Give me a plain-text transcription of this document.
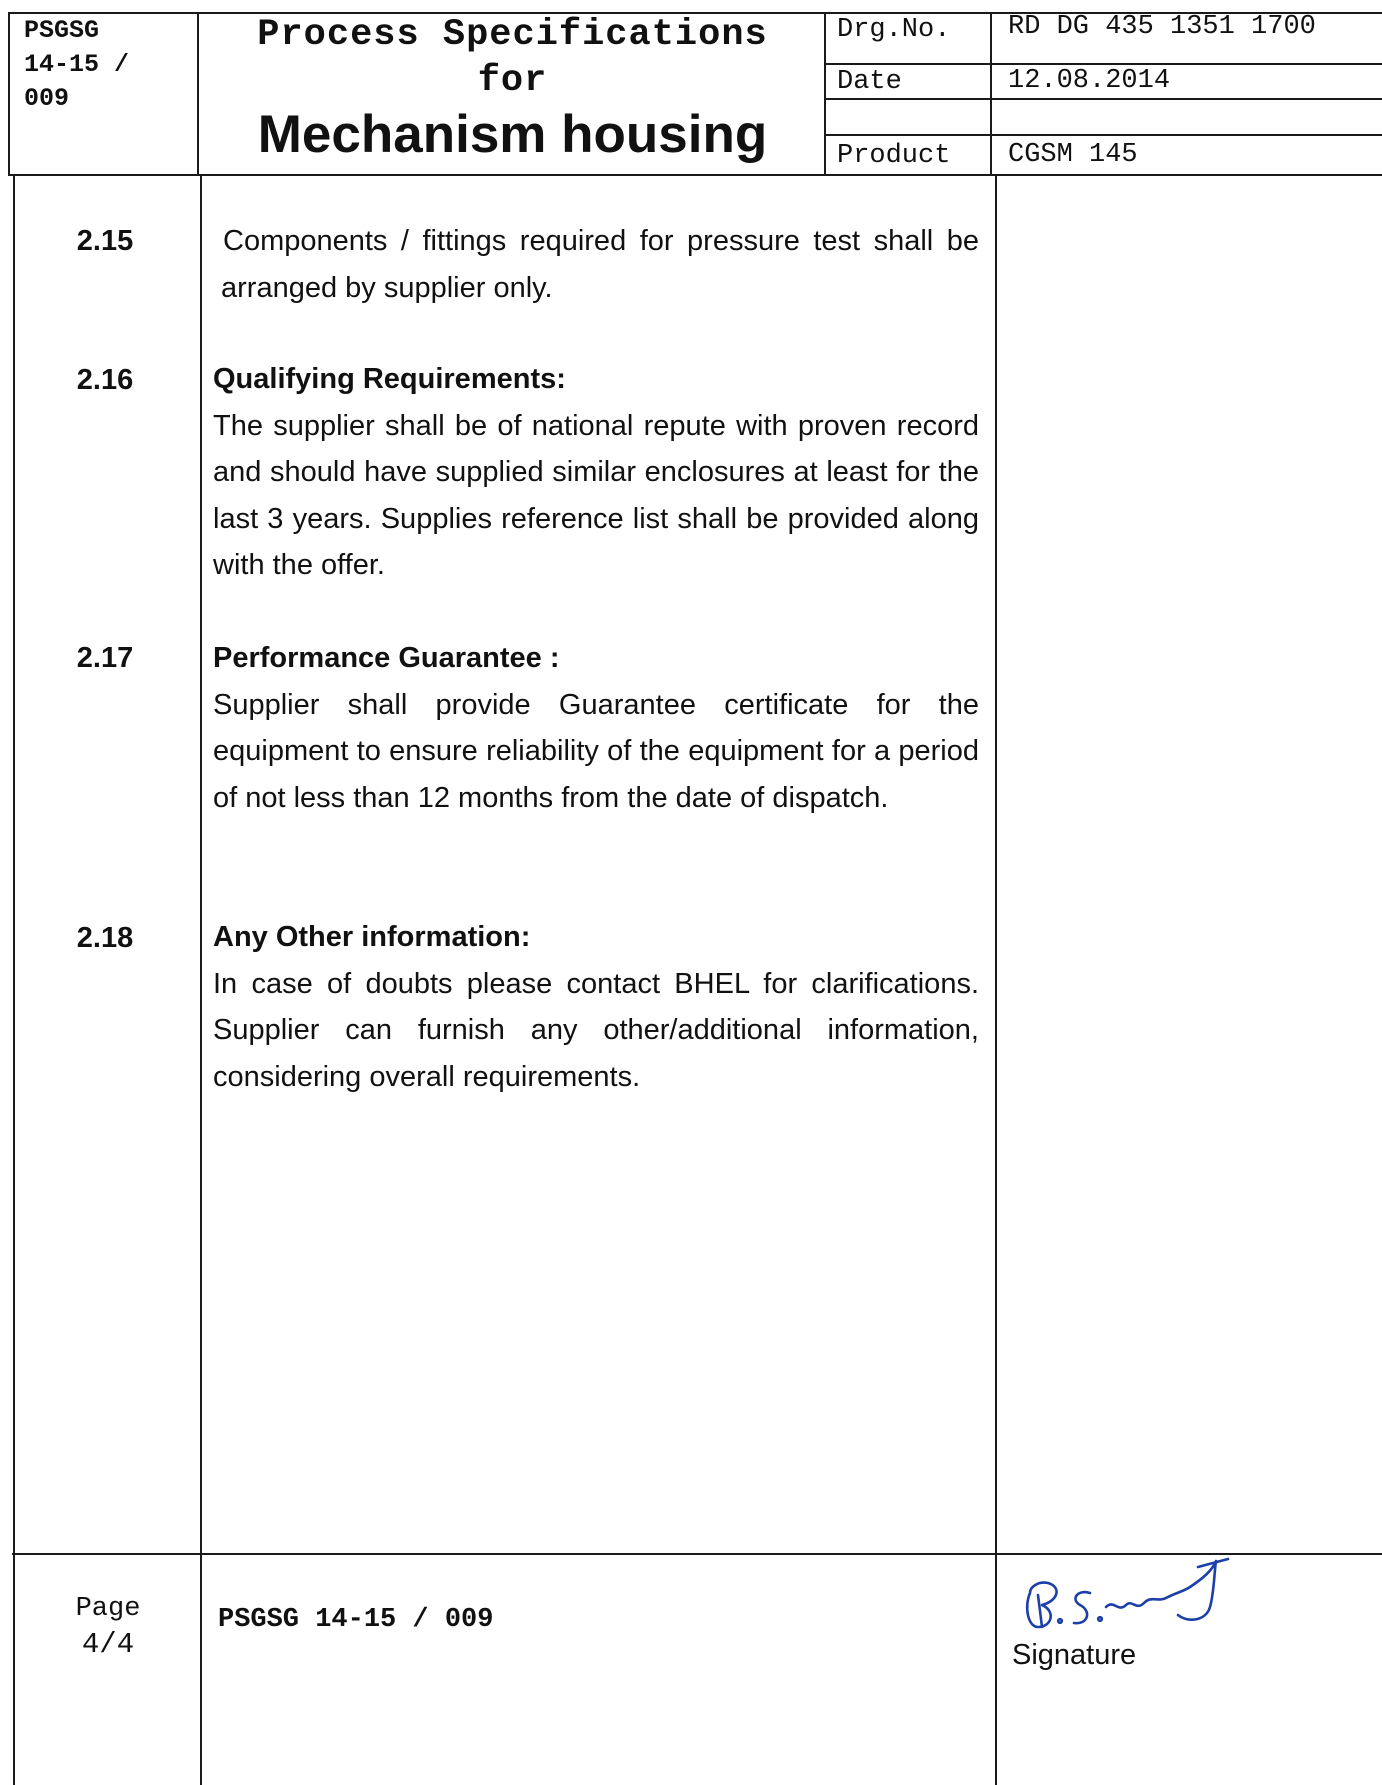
PSGSG
14-15 /
009
Process Specifications
for
Mechanism housing
Drg.No. RD DG 435 1351 1700
Date	12.08.2014
Product CGSM 145
2.15	Components / fittings required for pressure test shall be arranged by supplier only.
2.16	Qualifying Requirements:
The supplier shall be of national repute with proven record and should have supplied similar enclosures at least for the last 3 years. Supplies reference list shall be provided along with the offer.
2.17	Performance Guarantee :
Supplier shall provide Guarantee certificate for the equipment to ensure reliability of the equipment for a period of not less than 12 months from the date of dispatch.
2.18	Any Other information:
In case of doubts please contact BHEL for clarifications. Supplier can furnish any other/additional information, considering overall requirements.
Page
4/4
PSGSG 14-15 / 009
Signature
